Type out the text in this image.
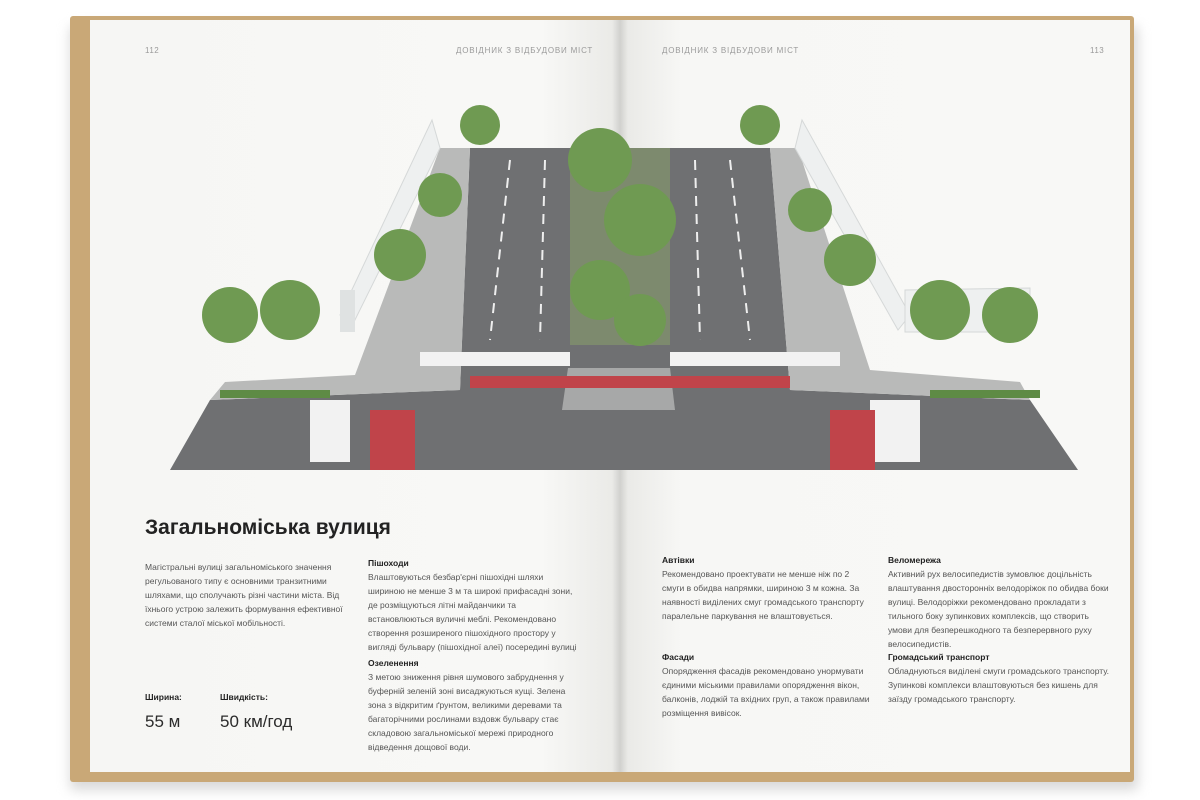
112	ДОВІДНИК З ВІДБУДОВИ МІСТ	ДОВІДНИК З ВІДБУДОВИ МІСТ	113
Загальноміська вулиця

Магістральні вулиці загальноміського значення регульованого типу є основними транзитними шляхами, що сполучають різні частини міста. Від їхнього устрою залежить формування ефективної системи сталої міської мобільності.

Пішоходи

Влаштовуються безбар'єрні пішохідні шляхи шириною не менше 3 м та широкі прифасадні зони, де розміщуються літні майданчики та встановлюються вуличні меблі. Рекомендовано створення розширеного пішохідного простору у вигляді бульвару (пішохідної алеї) посередині вулиці

Озеленення

З метою зниження рівня шумового забруднення у буферній зеленій зоні висаджуються кущі. Зелена зона з відкритим ґрунтом, великими деревами та багаторічними рослинами вздовж бульвару стає складовою загальноміської мережі природного відведення дощової води.

Ширина:
55 м
Швидкість:
50 км/год
Автівки

Рекомендовано проектувати не менше ніж по 2 смуги в обидва напрямки, шириною 3 м кожна. За наявності виділених смуг громадського транспорту паралельне паркування не влаштовується.

Веломережа

Активний рух велосипедистів зумовлює доцільність влаштування двосторонніх велодоріжок по обидва боки вулиці. Велодоріжки рекомендовано прокладати з тильного боку зупинкових комплексів, що створить умови для безперешкодного та безперервного руху велосипедистів.

Фасади

Опорядження фасадів рекомендовано унормувати єдиними міськими правилами опорядження вікон, балконів, лоджій та вхідних груп, а також правилами розміщення вивісок.

Громадський транспорт

Обладнуються виділені смуги громадського транспорту. Зупинкові комплекси влаштовуються без кишень для заїзду громадського транспорту.
